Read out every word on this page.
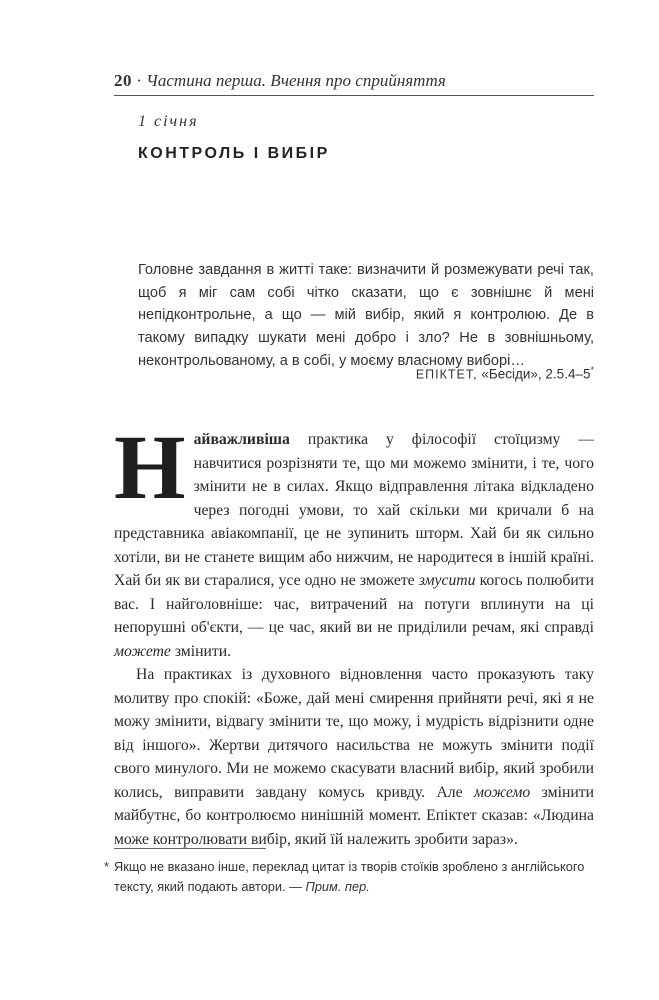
20 · Частина перша. Вчення про сприйняття
1 січня
КОНТРОЛЬ І ВИБІР
Головне завдання в житті таке: визначити й розмежувати речі так, щоб я міг сам собі чітко сказати, що є зовнішнє й мені непідконтрольне, а що — мій вибір, який я контролюю. Де в такому випадку шукати мені добро і зло? Не в зовнішньому, неконтрольованому, а в собі, у моєму власному виборі…
ЕПІКТЕТ, «Бесіди», 2.5.4–5*

Найважливіша практика у філософії стоїцизму — навчитися розрізняти те, що ми можемо змінити, і те, чого змінити не в силах. Якщо відправлення літака відкладено через погодні умови, то хай скільки ми кричали б на представника авіакомпанії, це не зупинить шторм. Хай би як сильно хотіли, ви не станете вищим або нижчим, не народитеся в іншій країні. Хай би як ви старалися, усе одно не зможете змусити когось полюбити вас. І найголовніше: час, витрачений на потуги вплинути на ці непорушні об'єкти, — це час, який ви не приділили речам, які справді можете змінити.

На практиках із духовного відновлення часто проказують таку молитву про спокій: «Боже, дай мені смирення прийняти речі, які я не можу змінити, відвагу змінити те, що можу, і мудрість відрізнити одне від іншого». Жертви дитячого насильства не можуть змінити події свого минулого. Ми не можемо скасувати власний вибір, який зробили колись, виправити завдану комусь кривду. Але можемо змінити майбутнє, бо контролюємо нинішній момент. Епіктет сказав: «Людина може контролювати вибір, який їй належить зробити зараз».

* Якщо не вказано інше, переклад цитат із творів стоїків зроблено з англійського тексту, який подають автори. — Прим. пер.
